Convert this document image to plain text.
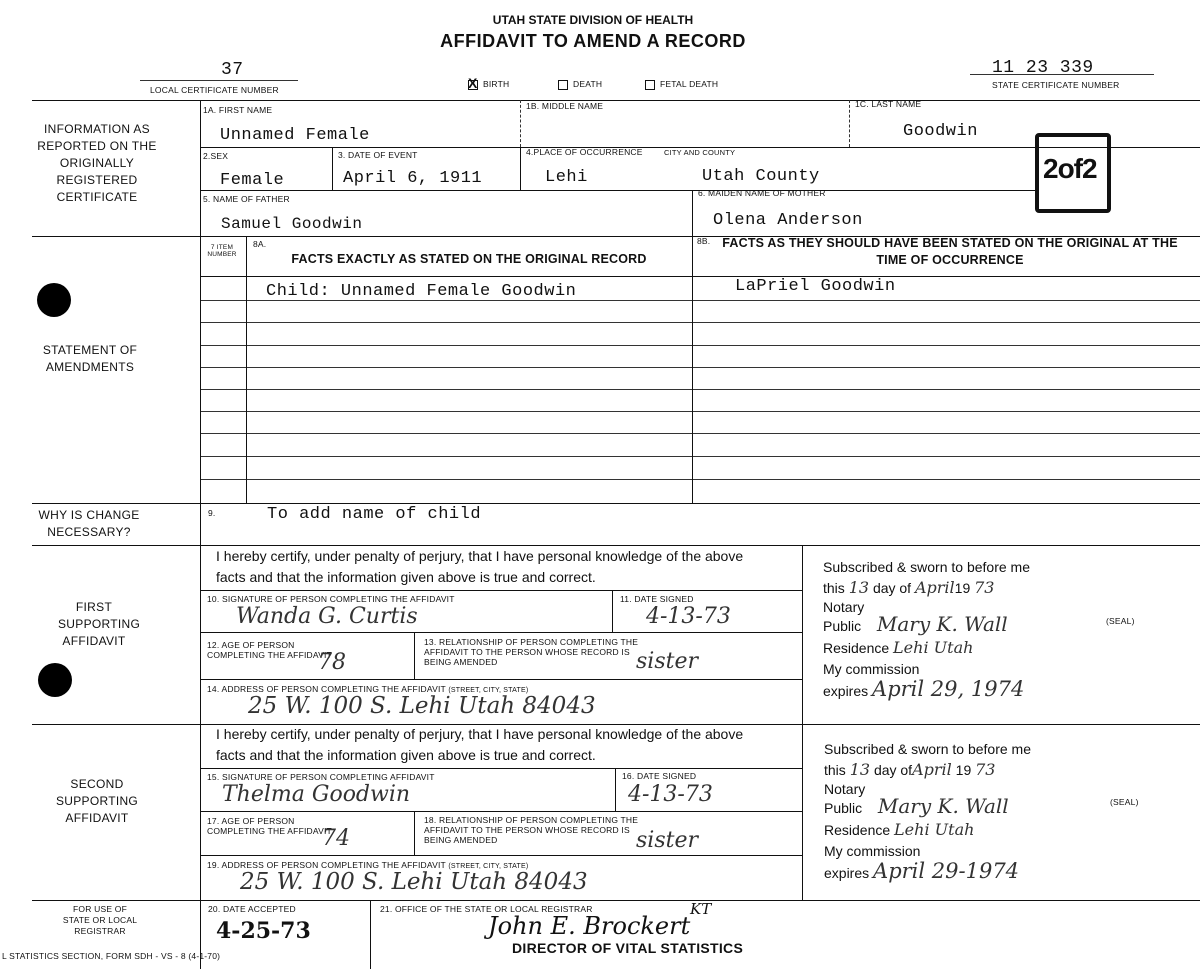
UTAH STATE DIVISION OF HEALTH
AFFIDAVIT TO AMEND A RECORD
37
LOCAL CERTIFICATE NUMBER
11 23 339
STATE CERTIFICATE NUMBER
X BIRTH	DEATH	FETAL DEATH
INFORMATION AS REPORTED ON THE ORIGINALLY REGISTERED CERTIFICATE
1A. FIRST NAME
Unnamed Female
1B. MIDDLE NAME	1C. LAST NAME
Goodwin
2of2
2.SEX
Female
3. DATE OF EVENT
April 6, 1911
4.PLACE OF OCCURRENCE	CITY AND COUNTY
Lehi	Utah County
5. NAME OF FATHER
Samuel Goodwin
6. MAIDEN NAME OF MOTHER
Olena Anderson
STATEMENT OF AMENDMENTS
7 ITEM NUMBER
8A.
FACTS EXACTLY AS STATED ON THE ORIGINAL RECORD
8B. FACTS AS THEY SHOULD HAVE BEEN STATED ON THE ORIGINAL AT THE TIME OF OCCURRENCE
Child: Unnamed Female Goodwin	LaPriel Goodwin
WHY IS CHANGE NECESSARY?
9.	To add name of child
FIRST SUPPORTING AFFIDAVIT
I hereby certify, under penalty of perjury, that I have personal knowledge of the above facts and that the information given above is true and correct.
10. SIGNATURE OF PERSON COMPLETING THE AFFIDAVIT
Wanda G. Curtis
11. DATE SIGNED
4-13-73
12. AGE OF PERSON COMPLETING THE AFFIDAVIT
78
13. RELATIONSHIP OF PERSON COMPLETING THE AFFIDAVIT TO THE PERSON WHOSE RECORD IS BEING AMENDED	sister
14. ADDRESS OF PERSON COMPLETING THE AFFIDAVIT (STREET, CITY, STATE)
25 W. 100 S. Lehi Utah 84043
Subscribed & sworn to before me
this 13 day of April19 73
Notary Public Mary K. Wall
Residence Lehi Utah
My commission
expires April 29, 1974
(SEAL)
SECOND SUPPORTING AFFIDAVIT
I hereby certify, under penalty of perjury, that I have personal knowledge of the above facts and that the information given above is true and correct.
15. SIGNATURE OF PERSON COMPLETING AFFIDAVIT
Thelma Goodwin
16. DATE SIGNED
4-13-73
17. AGE OF PERSON COMPLETING THE AFFIDAVIT
74
18. RELATIONSHIP OF PERSON COMPLETING THE AFFIDAVIT TO THE PERSON WHOSE RECORD IS BEING AMENDED	sister
19. ADDRESS OF PERSON COMPLETING THE AFFIDAVIT (STREET, CITY, STATE)
25 W. 100 S. Lehi Utah 84043
Subscribed & sworn to before me
this 13 day ofApril 19 73
Notary Public Mary K. Wall
Residence Lehi Utah
My commission
expires April 29-1974
(SEAL)
FOR USE OF STATE OR LOCAL REGISTRAR
20. DATE ACCEPTED
4-25-73
21. OFFICE OF THE STATE OR LOCAL REGISTRAR
John E. Brockert
KT
DIRECTOR OF VITAL STATISTICS
L STATISTICS SECTION, FORM SDH - VS - 8 (4-1-70)
